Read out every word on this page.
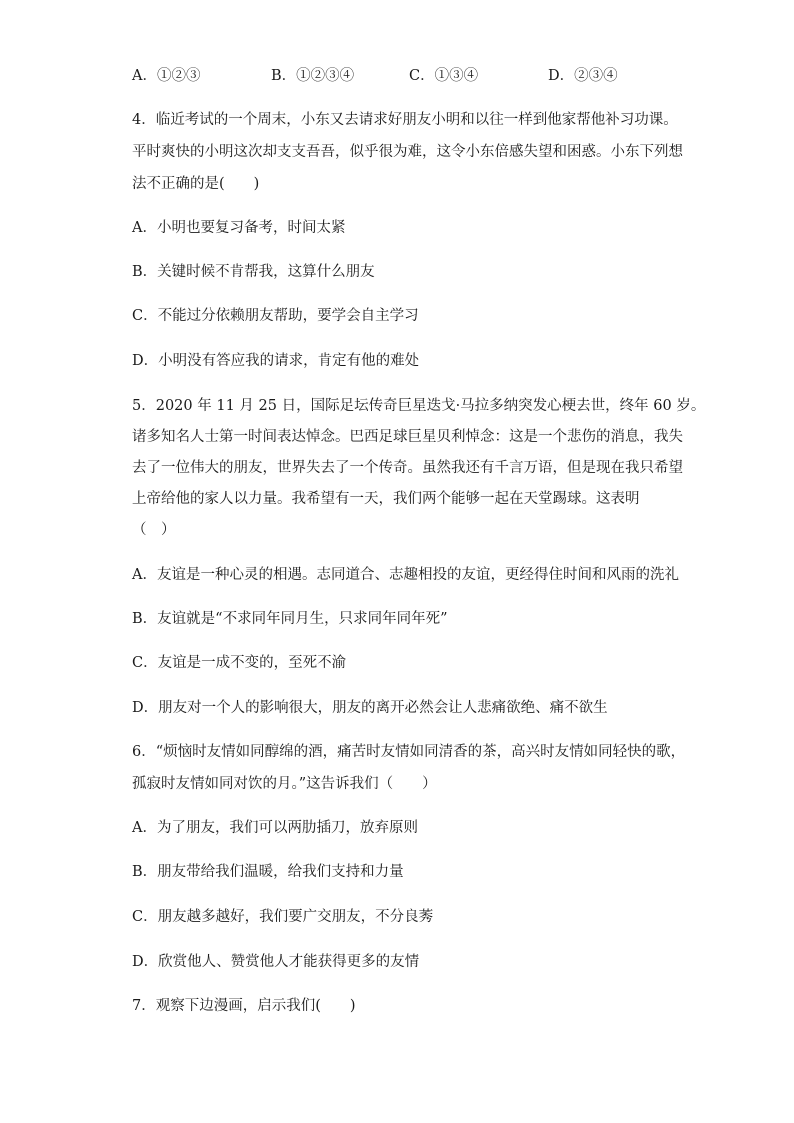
A．①②③	B．①②③④	C．①③④	D．②③④
4．临近考试的一个周末，小东又去请求好朋友小明和以往一样到他家帮他补习功课。
平时爽快的小明这次却支支吾吾，似乎很为难，这令小东倍感失望和困惑。小东下列想
法不正确的是(　　)
A．小明也要复习备考，时间太紧
B．关键时候不肯帮我，这算什么朋友
C．不能过分依赖朋友帮助，要学会自主学习
D．小明没有答应我的请求，肯定有他的难处
5．2020 年 11 月 25 日，国际足坛传奇巨星迭戈·马拉多纳突发心梗去世，终年 60 岁。
诸多知名人士第一时间表达悼念。巴西足球巨星贝利悼念：这是一个悲伤的消息，我失
去了一位伟大的朋友，世界失去了一个传奇。虽然我还有千言万语，但是现在我只希望
上帝给他的家人以力量。我希望有一天，我们两个能够一起在天堂踢球。这表明
（　）
A．友谊是一种心灵的相遇。志同道合、志趣相投的友谊，更经得住时间和风雨的洗礼
B．友谊就是“不求同年同月生，只求同年同年死”
C．友谊是一成不变的，至死不渝
D．朋友对一个人的影响很大，朋友的离开必然会让人悲痛欲绝、痛不欲生
6．“烦恼时友情如同醇绵的酒，痛苦时友情如同清香的茶，高兴时友情如同轻快的歌，
孤寂时友情如同对饮的月。”这告诉我们（　　）
A．为了朋友，我们可以两肋插刀，放弃原则
B．朋友带给我们温暖，给我们支持和力量
C．朋友越多越好，我们要广交朋友，不分良莠
D．欣赏他人、赞赏他人才能获得更多的友情
7．观察下边漫画，启示我们(　　)
